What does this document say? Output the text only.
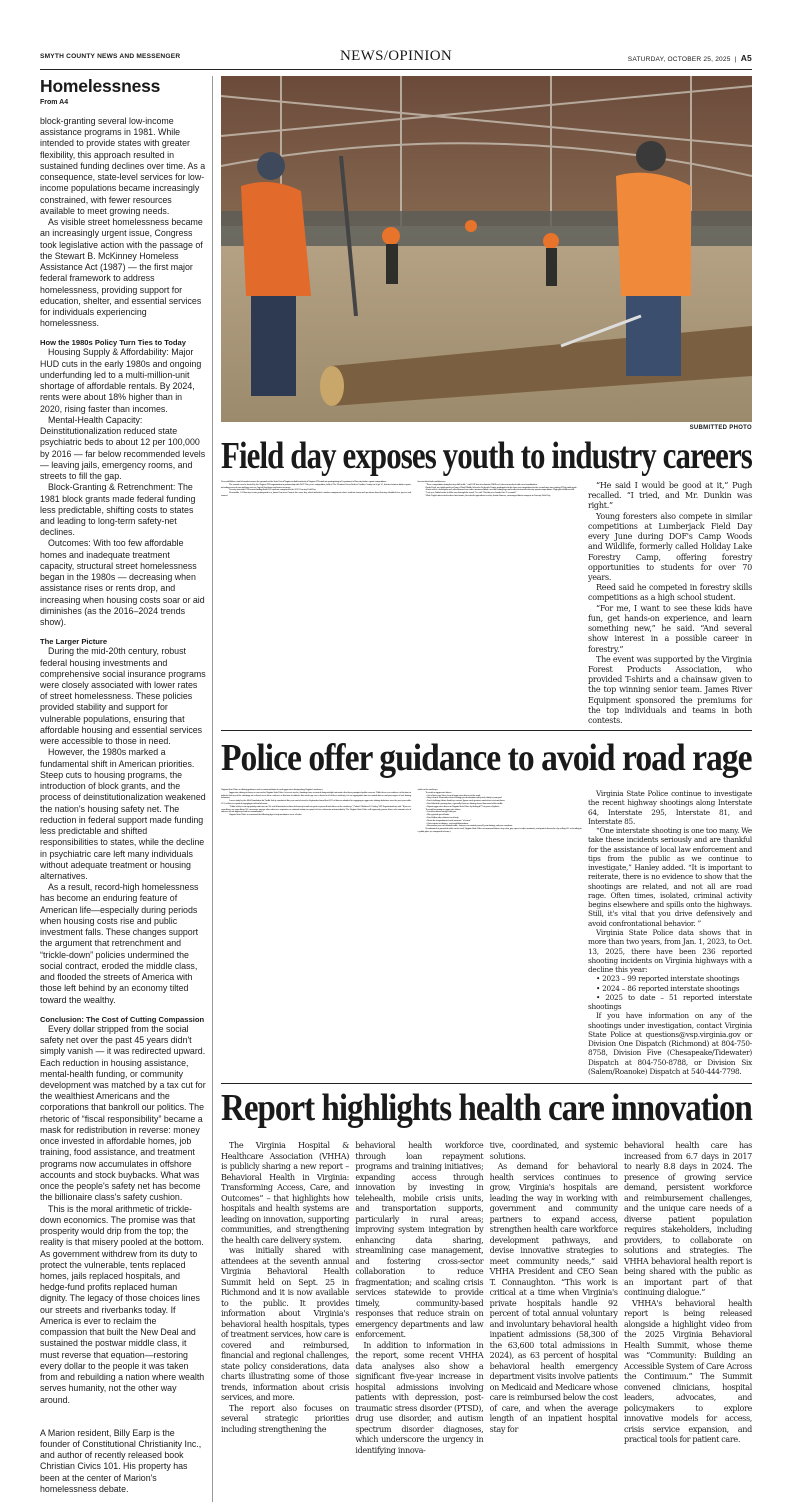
SMYTH COUNTY NEWS AND MESSENGER	NEWS/OPINION	SATURDAY, OCTOBER 25, 2025  |  A5
Homelessness
From A4

block-granting several low-income assistance programs in 1981. While intended to provide states with greater flexibility, this approach resulted in sustained funding declines over time. As a consequence, state-level services for low-income populations became increasingly constrained, with fewer resources available to meet growing needs.

As visible street homelessness became an increasingly urgent issue, Congress took legislative action with the passage of the Stewart B. McKinney Homeless Assistance Act (1987) — the first major federal framework to address homelessness, providing support for education, shelter, and essential services for individuals experiencing homelessness.

How the 1980s Policy Turn Ties to Today

Housing Supply & Affordability: Major HUD cuts in the early 1980s and ongoing underfunding led to a multi-million-unit shortage of affordable rentals. By 2024, rents were about 18% higher than in 2020, rising faster than incomes.

Mental-Health Capacity: Deinstitutionalization reduced state psychiatric beds to about 12 per 100,000 by 2016 — far below recommended levels — leaving jails, emergency rooms, and streets to fill the gap.

Block-Granting & Retrenchment: The 1981 block grants made federal funding less predictable, shifting costs to states and leading to long-term safety-net declines.

Outcomes: With too few affordable homes and inadequate treatment capacity, structural street homelessness began in the 1980s — decreasing when assistance rises or rents drop, and increasing when housing costs soar or aid diminishes (as the 2016–2024 trends show).

The Larger Picture

During the mid-20th century, robust federal housing investments and comprehensive social insurance programs were closely associated with lower rates of street homelessness. These policies provided stability and support for vulnerable populations, ensuring that affordable housing and essential services were accessible to those in need.

However, the 1980s marked a fundamental shift in American priorities. Steep cuts to housing programs, the introduction of block grants, and the process of deinstitutionalization weakened the nation's housing safety net. The reduction in federal support made funding less predictable and shifted responsibilities to states, while the decline in psychiatric care left many individuals without adequate treatment or housing alternatives.

As a result, record-high homelessness has become an enduring feature of American life—especially during periods when housing costs rise and public investment falls. These changes support the argument that retrenchment and “trickle-down” policies undermined the social contract, eroded the middle class, and flooded the streets of America with those left behind by an economy tilted toward the wealthy.

Conclusion: The Cost of Cutting Compassion

Every dollar stripped from the social safety net over the past 45 years didn't simply vanish — it was redirected upward. Each reduction in housing assistance, mental-health funding, or community development was matched by a tax cut for the wealthiest Americans and the corporations that bankroll our politics. The rhetoric of “fiscal responsibility” became a mask for redistribution in reverse: money once invested in affordable homes, job training, food assistance, and treatment programs now accumulates in offshore accounts and stock buybacks. What was once the people's safety net has become the billionaire class's safety cushion.

This is the moral arithmetic of trickle-down economics. The promise was that prosperity would drip from the top; the reality is that misery pooled at the bottom. As government withdrew from its duty to protect the vulnerable, tents replaced homes, jails replaced hospitals, and hedge-fund profits replaced human dignity. The legacy of those choices lines our streets and riverbanks today. If America is ever to reclaim the compassion that built the New Deal and sustained the postwar middle class, it must reverse that equation—restoring every dollar to the people it was taken from and rebuilding a nation where wealth serves humanity, not the other way around.

A Marion resident, Billy Earp is the founder of Constitutional Christianity Inc., and author of recently released book Christian Civics 101. His property has been at the center of Marion's homelessness debate.

SUBMITTED PHOTO
Field day exposes youth to industry careers

You could follow a trail of sawdust across the grounds at the State Fair of Virginia to find hundreds of Virginia FFA students participating in Department of Forestry timber sports competitions.

The annual event is hosted by the Virginia FFA organization in partnership with DOF. This year's competition, held at The Meadow Event Park in Caroline County on Sept. 30, featured various timber sports, including crosscut saw and bow saw use, log roll, log throw and water accuracy.

Seventy statewide FFA teams totaling about 280 students competed in the 2025 Forestry Field Day.

Meanwhile, 4-H forestry teams participated in a Junior Foresters Contest the same day, which included a written component where students answered questions about forestry, identified tree species and named

forest-related tools and diseases.

“These competitions bring forestry skills to life,” said DOF forest technician Will Reed, who was involved with event coordination.

Brody Pugh, an eighth grader at James Wood Middle School in Frederick County, participated in the bow saw competition for the second time since joining FFA in sixth grade.

A bow saw is a hand-powered, metal-framed saw with a tensioned blade used for cutting logs and is often featured in forestry sports competitions. Pugh placed fifth overall.

“Last year I didn't make it all the way through the wood,” he said. “But this year I made it in 35 seconds!”

While Pugh is interested in diesel mechanics, his school's agriculture teacher, Austin Duncan, encouraged him to compete in Forestry Field Day.

“He said I would be good at it,” Pugh recalled. “I tried, and Mr. Dunkin was right.”

Young foresters also compete in similar competitions at Lumberjack Field Day every June during DOF's Camp Woods and Wildlife, formerly called Holiday Lake Forestry Camp, offering forestry opportunities to students for over 70 years.

Reed said he competed in forestry skills competitions as a high school student.

“For me, I want to see these kids have fun, get hands-on experience, and learn something new,” he said. “And several show interest in a possible career in forestry.”

The event was supported by the Virginia Forest Products Association, who provided T-shirts and a chainsaw given to the top winning senior team. James River Equipment sponsored the premiums for the top individuals and teams in both contests.

Police offer guidance to avoid road rage

Virginia State Police is offering guidance and recommendations to curb aggressive driving along Virginia's roadways.

Aggressive driving is always a concern for Virginia State Police. In recent weeks, shootings have occurred along multiple interstates that have prompted public concern. While there is no evidence at this time to indicate that any of the shootings are related, nor is there evidence at this time to indicate that road rage was a factor in all of these incidents, it is an appropriate time to remind drivers and passengers of safe driving behaviors.

A new study by the AAA Foundation for Traffic Safety conducted this year and released in September found that 96% of drivers admitted to engaging in aggressive driving behaviors over the past year while 11% of drivers reported engaging in violent behavior.

“Public safety is our top priority and concern. We ask all motorists to drive defensively in order to protect yourself and others on the roadways,” Colonel Matthew D. Hanley, VSP Superintendent, said. “If you see something, say something. We encourage anyone who witnesses suspicious or criminal activity to report it to law enforcement immediately. The Virginia State Police will vigorously pursue those who commit acts of violence on our highways and our communities.”

Virginia State Police recommend the following tips to help maintain a sense of calm

while on the roadways:

To avoid an aggressive driver:

• Get of their way. Steer clear of aggressive drivers on the road.

• Stay relaxed. Remember that reaching your destination safely and calmly is your goal.

• Don't challenge them. Avoid eye contact. Ignore rude gestures and refuse to return them.

• Don't block the passing lane, especially if you are driving slower than most of the traffic.

• Report aggressive drivers to Virginia State Police by dialing #77 on your cell phone.

To avoid becoming an aggressive driver:

• Let other drivers merge with you.

• Obey posted speed limits.

• Don't follow other drivers too closely.

• Resist the temptation to teach someone “a lesson.”

• Concentrate on driving – and avoid distractions.

• Remember you can't control traffic – but you can control yourself, your driving, and your emotions.

If confronted or provoked while on the road, Virginia State Police recommend drivers stay calm, give space to other motorists, and protect themselves by calling 911 or heading to a public place (as compared to home).

Virginia State Police continue to investigate the recent highway shootings along Interstate 64, Interstate 295, Interstate 81, and Interstate 85.

“One interstate shooting is one too many. We take these incidents seriously and are thankful for the assistance of local law enforcement and tips from the public as we continue to investigate,” Hanley added. “It is important to reiterate, there is no evidence to show that the shootings are related, and not all are road rage. Often times, isolated, criminal activity begins elsewhere and spills onto the highways. Still, it's vital that you drive defensively and avoid confrontational behavior. ”

Virginia State Police data shows that in more than two years, from Jan. 1, 2023, to Oct. 13, 2025, there have been 236 reported shooting incidents on Virginia highways with a decline this year:

• 2023 – 99 reported interstate shootings

• 2024 – 86 reported interstate shootings

• 2025 to date – 51 reported interstate shootings

If you have information on any of the shootings under investigation, contact Virginia State Police at questions@vsp.virginia.gov or Division One Dispatch (Richmond) at 804-750-8758, Division Five (Chesapeake/Tidewater) Dispatch at 804-750-8788, or Division Six (Salem/Roanoke) Dispatch at 540-444-7798.

Report highlights health care innovation

The Virginia Hospital & Healthcare Association (VHHA) is publicly sharing a new report – Behavioral Health in Virginia: Transforming Access, Care, and Outcomes” – that highlights how hospitals and health systems are leading on innovation, supporting communities, and strengthening the health care delivery system.

was initially shared with attendees at the seventh annual Virginia Behavioral Health Summit held on Sept. 25 in Richmond and it is now available to the public. It provides information about Virginia's behavioral health hospitals, types of treatment services, how care is covered and reimbursed, financial and regional challenges, state policy considerations, data charts illustrating some of those trends, information about crisis services, and more.

The report also focuses on several strategic priorities including strengthening the

behavioral health workforce through loan repayment programs and training initiatives; expanding access through innovation by investing in telehealth, mobile crisis units, and transportation supports, particularly in rural areas; improving system integration by enhancing data sharing, streamlining case management, and fostering cross-sector collaboration to reduce fragmentation; and scaling crisis services statewide to provide timely, community-based responses that reduce strain on emergency departments and law enforcement.

In addition to information in the report, some recent VHHA data analyses also show a significant five-year increase in hospital admissions involving patients with depression, post-traumatic stress disorder (PTSD), drug use disorder, and autism spectrum disorder diagnoses, which underscore the urgency in identifying innova-

tive, coordinated, and systemic solutions.

As demand for behavioral health services continues to grow, Virginia's hospitals are leading the way in working with government and community partners to expand access, strengthen health care workforce development pathways, and devise innovative strategies to meet community needs,” said VHHA President and CEO Sean T. Connaughton. “This work is critical at a time when Virginia's private hospitals handle 92 percent of total annual voluntary and involuntary behavioral health inpatient admissions (58,300 of the 63,600 total admissions in 2024), as 63 percent of hospital behavioral health emergency department visits involve patients on Medicaid and Medicare whose care is reimbursed below the cost of care, and when the average length of an inpatient hospital stay for

behavioral health care has increased from 6.7 days in 2017 to nearly 8.8 days in 2024. The presence of growing service demand, persistent workforce and reimbursement challenges, and the unique care needs of a diverse patient population requires stakeholders, including providers, to collaborate on solutions and strategies. The VHHA behavioral health report is being shared with the public as an important part of that continuing dialogue.”

VHHA's behavioral health report is being released alongside a highlight video from the 2025 Virginia Behavioral Health Summit, whose theme was “Community: Building an Accessible System of Care Across the Continuum.” The Summit convened clinicians, hospital leaders, advocates, and policymakers to explore innovative models for access, crisis service expansion, and practical tools for patient care.
